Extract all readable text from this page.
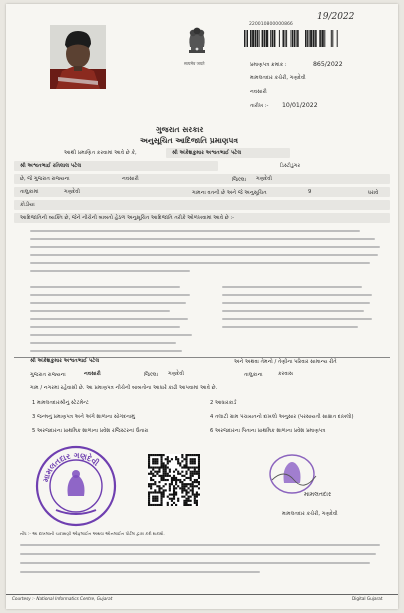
सत्यमेव जयते
19/2022
220010800000866
પ્રમાણપત્ર ક્રમાંક :	865/2022
મામલતદાર કચેરી, ગણદેવી
નવસારી
તારીખ :- 10/01/2022
ગુજરાત સરકાર
અનુસૂચિત આદિજાતિ પ્રમાણપત્ર
આથી પ્રમાણિત કરવામાં આવે છે કે,	શ્રી અંકેશકુમાર અશ્વતભાઈ પટેલ
શ્રી અશ્વતભાઈ રતિલાલ પટેલ	ડિસ્ટોડુંગર
છે, જે ગુજરાત રાજ્યના	નવસારી	જિલ્લા ગણદેવી
તાલુકામાં	ગણદેવી	ગામના વતની છે અને જે અનુસૂચિત	9	ધરાવે
કોડીયા
આદિજાતિની વ્યક્તિ છે, જેને નીચેની બાબતો હેઠળ અનુસૂચિત આદિજાતિ તરીકે ઓળખવામાં આવે છે :-
શ્રી અંકેશકુમાર અશ્વતભાઈ પટેલ	અને અથવા તેમનો / તેણીના પરિવાર સામાન્ય રીતે
ગુજરાત રાજ્યના	નવસારી	જિલ્લા ગણદેવી	તાલુકાના	કરવાસ
ગામ / નગરમાં રહેવાસી છે. આ પ્રમાણપત્ર નીચેની બાબતોના આધારે કાઢી આપવામાં આવે છે.
1 મામલતદારશ્રીનું સ્ટેટમેન્ટ	2 આધારકાર્ડ
3 જન્મનું પ્રમાણપત્ર અને અંગે શાળાના સોગંદનામું	4 તલાટી ગ્રામ પંચાયતનો દાખલો અનુસાર (પરસાયતી સાક્ષાત દાખલો)
5 અરજદારના પ્રાથમિક શાળાના પ્રવેશ રજિસ્ટરનાં ઉતારા	6 અરજદારના પિતાના પ્રાથમિક શાળાના પ્રવેશ પ્રમાણપત્ર
મામલતદાર ગણદેવી
મામલતદાર
મામલતદાર કચેરી, ગણદેવી
નોંધ :- આ દાખલાની ચકાસણી ઓફલાઈન અથવા ઓનલાઈન પોર્ટલ દ્વારા કરી શકાશે.
Courtesy :- National Informatics Centre, Gujarat	Digital Gujarat
